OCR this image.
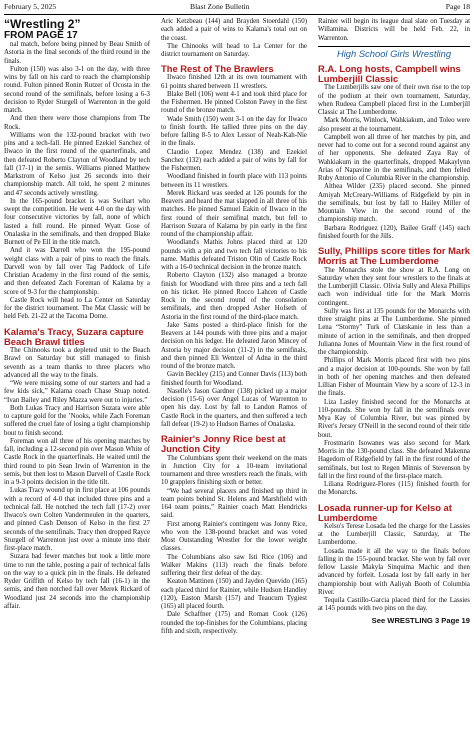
February 5, 2025	Blast Zone Bulletin	Page 18
“Wrestling 2”
FROM PAGE 17

nal match, before being pinned by Beau Smith of Astoria in the final seconds of the third round in the finals.

Fulton (150) was also 3-1 on the day, with three wins by fall on his card to reach the championship round. Fulton pinned Ronin Rutzer of Ocosta in the second round of the semifinals, before losing a 6-3 decision to Ryder Sturgell of Warrenton in the gold match.

And then there were those champions from The Rock.

Williams won the 132-pound bracket with two pins and a tech-fall. He pinned Ezekiel Sanchez of Ilwaco in the first round of the quarterfinals, and then defeated Roberto Clayton of Woodland by tech fall (17-1) in the semis. Williams pinned Matthew Markstrom of Kelso just 26 seconds into their championship match. All told, he spent 2 minutes and 47 seconds actively wrestling.

In the 165-pound bracket is was Swihart who swept the competition. He went 4-0 on the day with four consecutive victories by fall, none of which lasted a full round. He pinned Wyatt Gose of Onalaska in the semifinals, and then dropped Blake Burnett of Pe Ell in the title match.

And it was Darrell who won the 195-pound weight class with a pair of pins to reach the finals. Darvell won by fall over Tag Paddock of Life Christian Academy in the first round of the semis, and then defeated Zach Foreman of Kalama by a score of 9-3 for the championship.

Castle Rock will head to La Center on Saturday for the district tournament. The Mat Classic will be held Feb. 21-22 at the Tacoma Dome.

Kalama's Tracy, Suzara capture Beach Brawl titles

The Chinooks took a depleted unit to the Beach Brawl on Saturday but still managed to finish seventh as a team thanks to three placers who advanced all the way to the finals.

“We were missing some of our starters and had a few kids sick,” Kalama coach Chase Stuap noted. “Ivan Bailey and Riley Mazza were out to injuries.”

Both Lukas Tracy and Harrison Suzara were able to capture gold for the ’Nooks, while Zach Foreman suffered the cruel fate of losing a tight championship bout to finish second.

Foreman won all three of his opening matches by fall, including a 12-second pin over Mason White of Castle Rock in the quarterfinals. He waited until the third round to pin Sean Irwin of Warrenton in the semis, but then lost to Mason Darvell of Castle Rock in a 9-3 points decision in the title tilt.

Lukas Tracy wound up in first place at 106 pounds with a record of 4-0 that included three pins and a technical fall. He notched the tech fall (17-2) over Ilwaco's own Colten Vandermeulen in the quarters, and pinned Cash Denson of Kelso in the first 27 seconds of the semifinals. Tracy then dropped Rayce Sturgell of Warrenton just over a minute into their first-place match.

Suzara had fewer matches but took a little more time to run the table, posting a pair of technical falls on the way to a quick pin in the finals. He defeated Ryder Griffith of Kelso by tech fall (16-1) in the semis, and then notched fall over Merek Rickard of Woodland just 24 seconds into the championship affair.

Aric Ketzbeau (144) and Brayden Stoerdahl (150) each added a pair of wins to Kalama's total out on the coast.

The Chinooks will head to La Center for the district tournament on Saturday.

The Rest of The Brawlers

Ilwaco finished 12th at its own tournament with 61 points shared between 11 wrestlers.

Blake Bell (106) went 4-1 and took third place for the Fishermen. He pinned Colston Pavey in the first round of the bronze match.

Wade Smith (150) went 3-1 on the day for Ilwaco to finish fourth. He tallied three pins on the day before falling 8-5 to Alex Lessor of Neah-Kah-Nie in the finals.

Claudio Lopez Mendez (138) and Ezekiel Sanchez (132) each added a pair of wins by fall for the Fishermen.

Woodland finished in fourth place with 113 points between its 11 wrestlers.

Merek Rickard was seeded at 126 pounds for the Beavers and heard the mat slapped in all three of his matches. He pinned Samuel Eakin of Ilwaco in the first round of their semifinal match, but fell to Harrison Suzara of Kalama by pin early in the first round of the championship affair.

Woodland's Mathis Johns placed third at 120 pounds with a pin and two tech fall victories to his name. Mathis defeated Triston Olin of Castle Rock with a 16-0 technical decision in the bronze match.

Roberto Clayton (132) also managed a bronze finish for Woodland with three pins and a tech fall on his ticket. He pinned Rocco Lahcen of Castle Rock in the second round of the consolation semifinals, and then dropped Asher Hofseth of Astoria in the first round of the third-place match.

Jake Sams posted a third-place finish for the Beavers at 144 pounds with three pins and a major decision on his ledger. He defeated Jaron Mincey of Astoria by major decision (11-2) in the semifinals, and then pinned Eli Wentzel of Adna in the third round of the bronze match.

Gavin Beckley (215) and Conner Davis (113) both finished fourth for Woodland.

Naselle's Jason Gardner (138) picked up a major decision (15-6) over Angel Lucas of Warrenton to open his day. Lost by fall to Landon Ramos of Castle Rock in the quarters, and then suffered a tech fall defeat (19-2) to Hudson Barnes of Onalaska.

Rainier's Jonny Rice best at Junction City

The Columbians spent their weekend on the mats in Junction City for a 10-team invitational tournament and three wrestlers reach the finals, with 10 grapplers finishing sixth or better.

“We had several placers and finished up third in team points behind St. Helens and Marshfield with 164 team points,” Rainier coach Matt Hendricks said.

First among Rainier's contingent was Jonny Rice, who won the 138-pound bracket and was voted Most Outstanding Wrestler for the lower weight classes.

The Columbians also saw Isti Rice (106) and Walker Makins (113) reach the finals before suffering their first defeat of the day.

Keaton Mattinen (150) and Jayden Quevido (165) each placed third for Rainier, while Hudson Handley (120), Easton Marsh (157) and Teaucum Tygiest (165) all placed fourth.

Dale Schaffner (175) and Roman Cook (126) rounded the top-finishes for the Columbians, placing fifth and sixth, respectively.

Rainier will begin its league dual slate on Tuesday at Willamina. Districts will be held Feb. 22, in Warrenton.

High School Girls Wrestling
R.A. Long hosts, Campbell wins Lumberjill Classic

The Lumberjills saw one of their own rise to the top of the podium at their own tournament, Saturday, when Rudeea Campbell placed first in the Lumberjill Classic at The Lumberdome.

Mark Morris, Winlock, Wahkiakum, and Toleo were also present at the tournament.

Campbell won all three of her matches by pin, and never had to come out for a second round against any of her opponents. She defeated Zaya Ray of Wahkiakum in the quarterfinals, dropped Makaylynn Arias of Napavine in the semifinals, and then felled Ruby Antonio of Columbia River in the championship.

Althea Wilder (235) placed second. She pinned Amiyah McCreary-Williams of Ridgefield by pin in the semifinals, but lost by fall to Hailey Miller of Mountain View in the second round of the championship match.

Barbara Rodriguez (120), Bailee Graff (145) each finished fourth for the Jills.

Sully, Phillips score titles for Mark Morris at The Lumberdome

The Monarchs stole the show at R.A. Long on Saturday when they sent four wrestlers to the finals at the Lumberjill Classic. Olivia Sully and Alexa Phillips each won individual title for the Mark Morris contingent.

Sully was first at 135 pounds for the Monarchs with three straight pins at The Lumberdome. She pinned Lena “Stormy” Turk of Clatskanie in less than a minute of action in the semifinals, and then dropped Julianna Jones of Mountain View in the first round of the championship.

Phillips of Mark Morris placed first with two pins and a major decision at 100-pounds. She won by fall in both of her opening matches and then defeated Lillian Fisher of Mountain View by a score of 12-3 in the finals.

Liza Lasley finished second for the Monarchs at 110-pounds. She won by fall in the semifinals over Mya Kay of Columbia River, but was pinned by River's Jersey O'Neill in the second round of their title bout.

Frostmarin Isowanes was also second for Mark Morris in the 130-pound class. She defeated Makenna Hagedorn of Ridgefield by fall in the first round of the semifinals, but lost to Regen Minnis of Stevenson by fall in the first round of the first-place match.

Liliana Rodriguez-Flores (115) finished fourth for the Monarchs.

Losada runner-up for Kelso at Lumberdome

Kelso's Terese Losada led the charge for the Lassies at the Lumberjill Classic, Saturday, at The Lumberdome.

Losada made it all the way to the finals before falling in the 155-pound bracket. She won by fall over fellow Lassie Makyla Sinquima Machic and then advanced by forfeit. Losada lost by fall early in her championship bout with Aaliyah Booth of Columbia River.

Tequila Castillo-Garcia placed third for the Lassies at 145 pounds with two pins on the day.

See WRESTLING 3 Page 19
